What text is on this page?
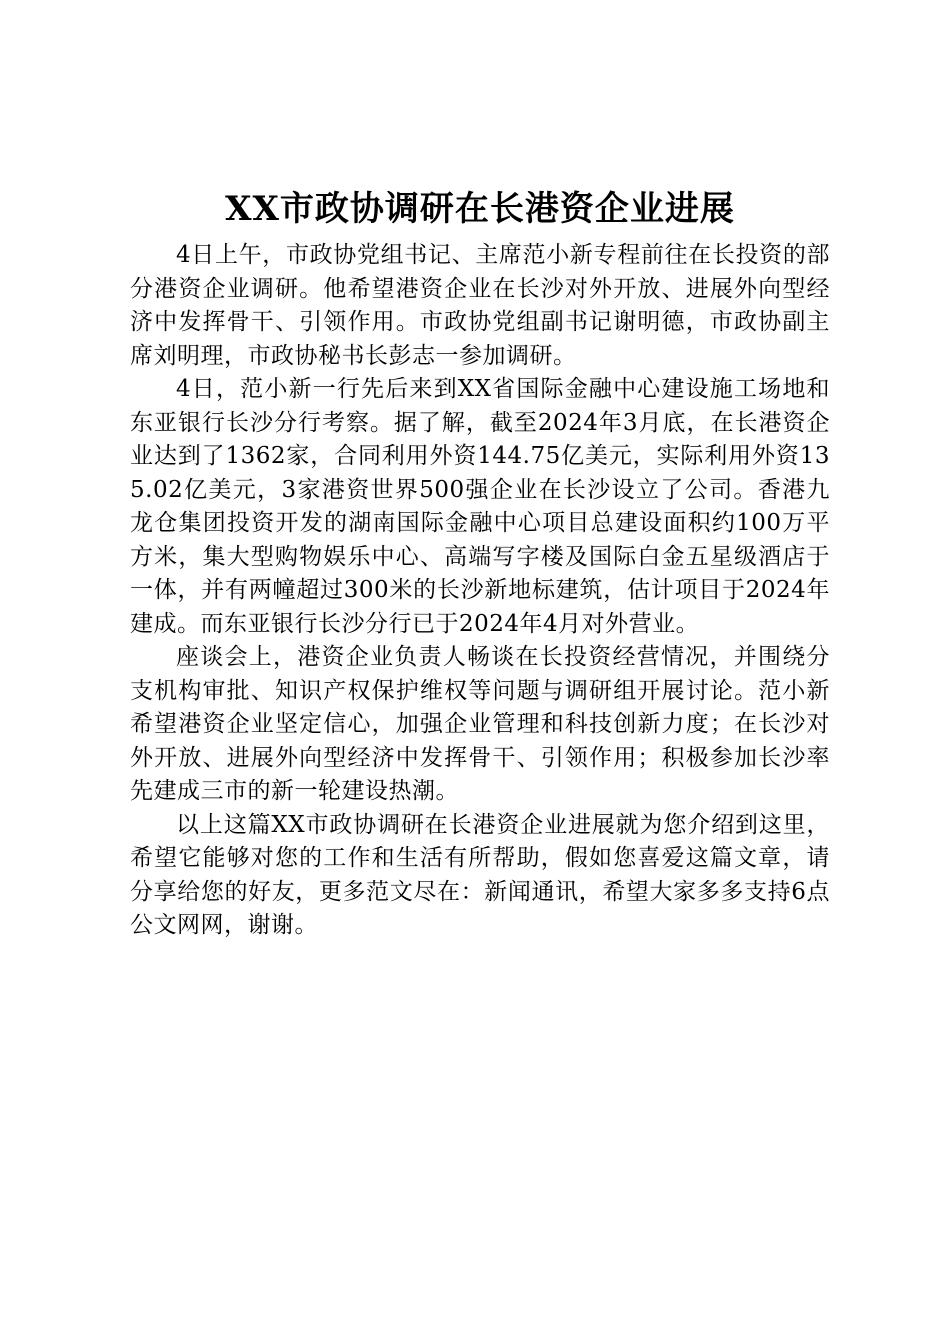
XX市政协调研在长港资企业进展

4日上午，市政协党组书记、主席范小新专程前往在长投资的部分港资企业调研。他希望港资企业在长沙对外开放、进展外向型经济中发挥骨干、引领作用。市政协党组副书记谢明德，市政协副主席刘明理，市政协秘书长彭志一参加调研。

4日，范小新一行先后来到XX省国际金融中心建设施工场地和东亚银行长沙分行考察。据了解，截至2024年3月底，在长港资企业达到了1362家，合同利用外资144.75亿美元，实际利用外资135.02亿美元，3家港资世界500强企业在长沙设立了公司。香港九龙仓集团投资开发的湖南国际金融中心项目总建设面积约100万平方米，集大型购物娱乐中心、高端写字楼及国际白金五星级酒店于一体，并有两幢超过300米的长沙新地标建筑，估计项目于2024年建成。而东亚银行长沙分行已于2024年4月对外营业。

座谈会上，港资企业负责人畅谈在长投资经营情况，并围绕分支机构审批、知识产权保护维权等问题与调研组开展讨论。范小新希望港资企业坚定信心，加强企业管理和科技创新力度；在长沙对外开放、进展外向型经济中发挥骨干、引领作用；积极参加长沙率先建成三市的新一轮建设热潮。

以上这篇XX市政协调研在长港资企业进展就为您介绍到这里，希望它能够对您的工作和生活有所帮助，假如您喜爱这篇文章，请分享给您的好友，更多范文尽在：新闻通讯，希望大家多多支持6点公文网网，谢谢。
